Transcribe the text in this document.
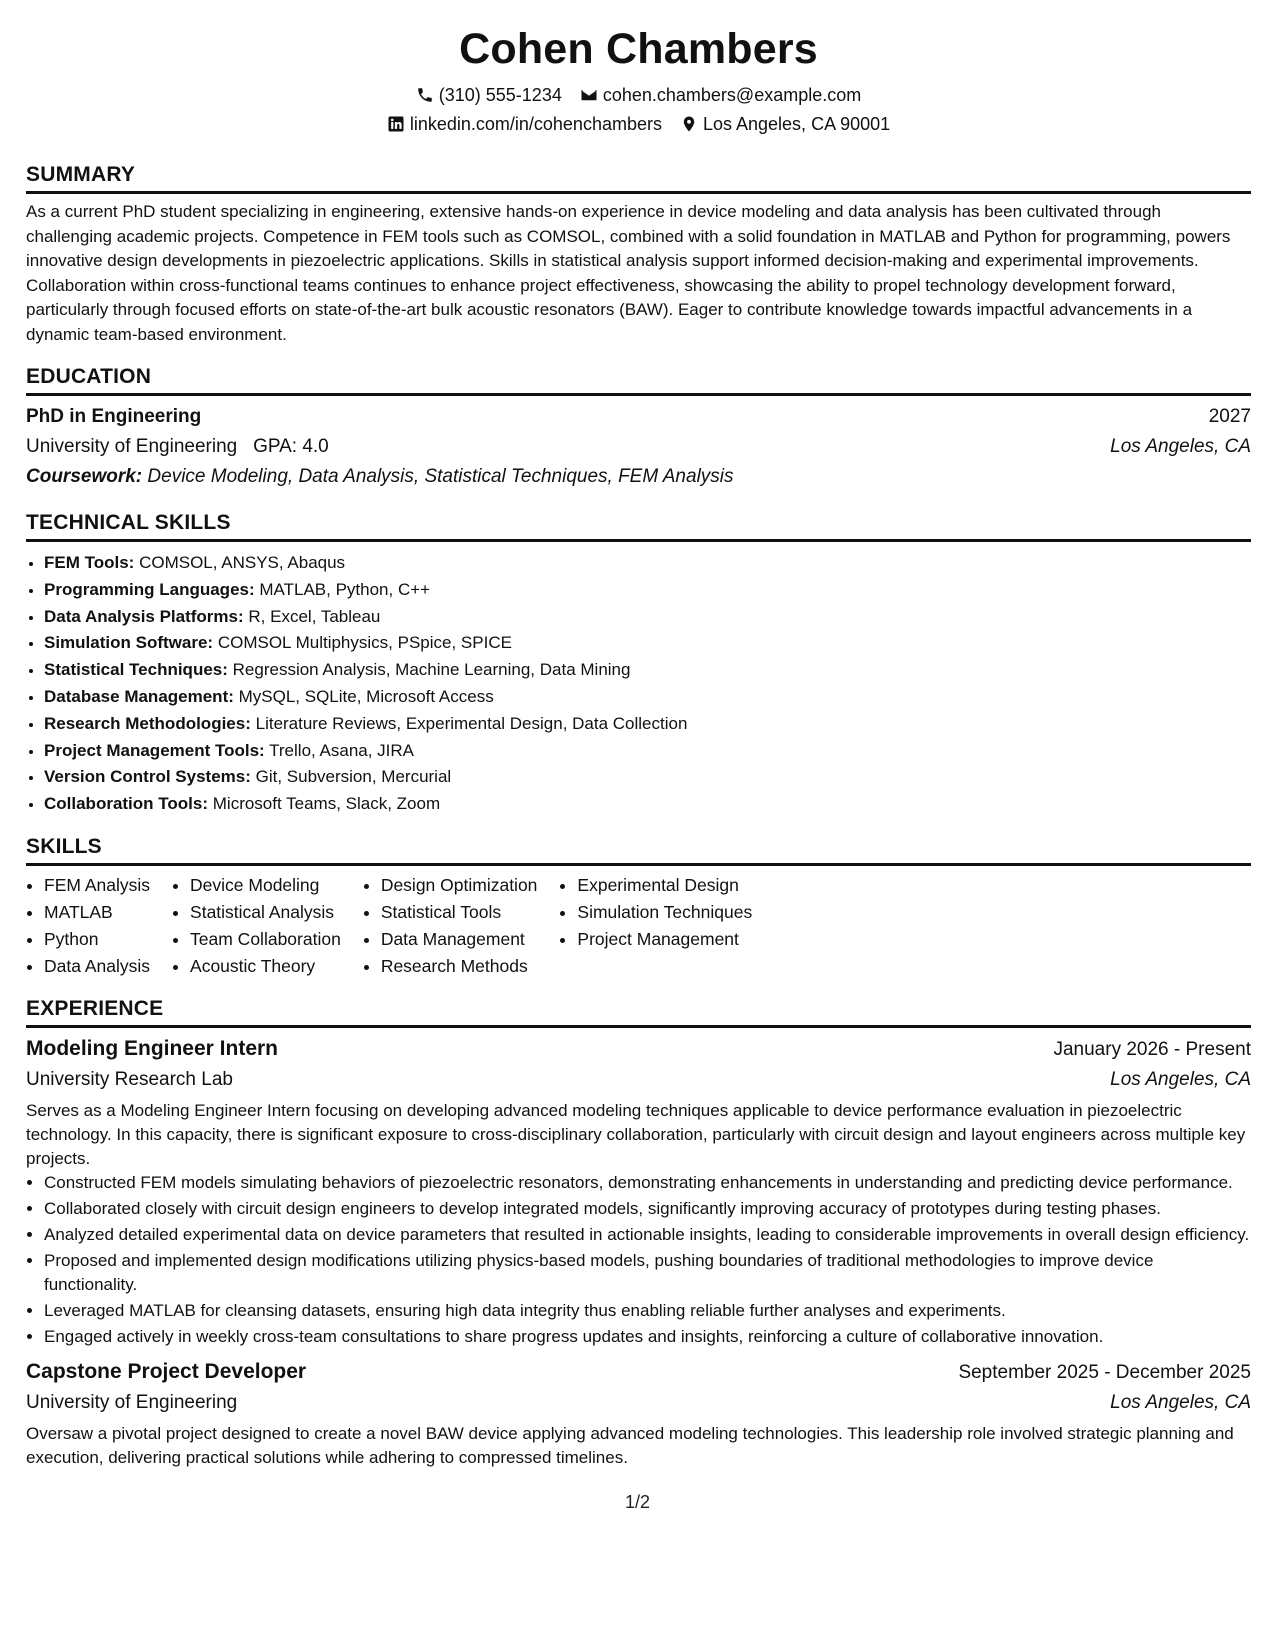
Cohen Chambers
(310) 555-1234 cohen.chambers@example.com
linkedin.com/in/cohenchambers Los Angeles, CA 90001
SUMMARY

As a current PhD student specializing in engineering, extensive hands-on experience in device modeling and data analysis has been cultivated through challenging academic projects. Competence in FEM tools such as COMSOL, combined with a solid foundation in MATLAB and Python for programming, powers innovative design developments in piezoelectric applications. Skills in statistical analysis support informed decision-making and experimental improvements. Collaboration within cross-functional teams continues to enhance project effectiveness, showcasing the ability to propel technology development forward, particularly through focused efforts on state-of-the-art bulk acoustic resonators (BAW). Eager to contribute knowledge towards impactful advancements in a dynamic team-based environment.

EDUCATION
PhD in Engineering	2027
University of Engineering GPA: 4.0	Los Angeles, CA
Coursework: Device Modeling, Data Analysis, Statistical Techniques, FEM Analysis
TECHNICAL SKILLS
• FEM Tools: COMSOL, ANSYS, Abaqus
• Programming Languages: MATLAB, Python, C++
• Data Analysis Platforms: R, Excel, Tableau
• Simulation Software: COMSOL Multiphysics, PSpice, SPICE
• Statistical Techniques: Regression Analysis, Machine Learning, Data Mining
• Database Management: MySQL, SQLite, Microsoft Access
• Research Methodologies: Literature Reviews, Experimental Design, Data Collection
• Project Management Tools: Trello, Asana, JIRA
• Version Control Systems: Git, Subversion, Mercurial
• Collaboration Tools: Microsoft Teams, Slack, Zoom
SKILLS
• FEM Analysis
• MATLAB
• Python
• Data Analysis
• Device Modeling
• Statistical Analysis
• Team Collaboration
• Acoustic Theory
• Design Optimization
• Statistical Tools
• Data Management
• Research Methods
• Experimental Design
• Simulation Techniques
• Project Management
EXPERIENCE
Modeling Engineer Intern	January 2026 - Present
University Research Lab	Los Angeles, CA

Serves as a Modeling Engineer Intern focusing on developing advanced modeling techniques applicable to device performance evaluation in piezoelectric technology. In this capacity, there is significant exposure to cross-disciplinary collaboration, particularly with circuit design and layout engineers across multiple key projects.

• Constructed FEM models simulating behaviors of piezoelectric resonators, demonstrating enhancements in understanding and predicting device performance.
• Collaborated closely with circuit design engineers to develop integrated models, significantly improving accuracy of prototypes during testing phases.
• Analyzed detailed experimental data on device parameters that resulted in actionable insights, leading to considerable improvements in overall design efficiency.
• Proposed and implemented design modifications utilizing physics-based models, pushing boundaries of traditional methodologies to improve device functionality.
• Leveraged MATLAB for cleansing datasets, ensuring high data integrity thus enabling reliable further analyses and experiments.
• Engaged actively in weekly cross-team consultations to share progress updates and insights, reinforcing a culture of collaborative innovation.
Capstone Project Developer	September 2025 - December 2025
University of Engineering	Los Angeles, CA

Oversaw a pivotal project designed to create a novel BAW device applying advanced modeling technologies. This leadership role involved strategic planning and execution, delivering practical solutions while adhering to compressed timelines.

1/2
